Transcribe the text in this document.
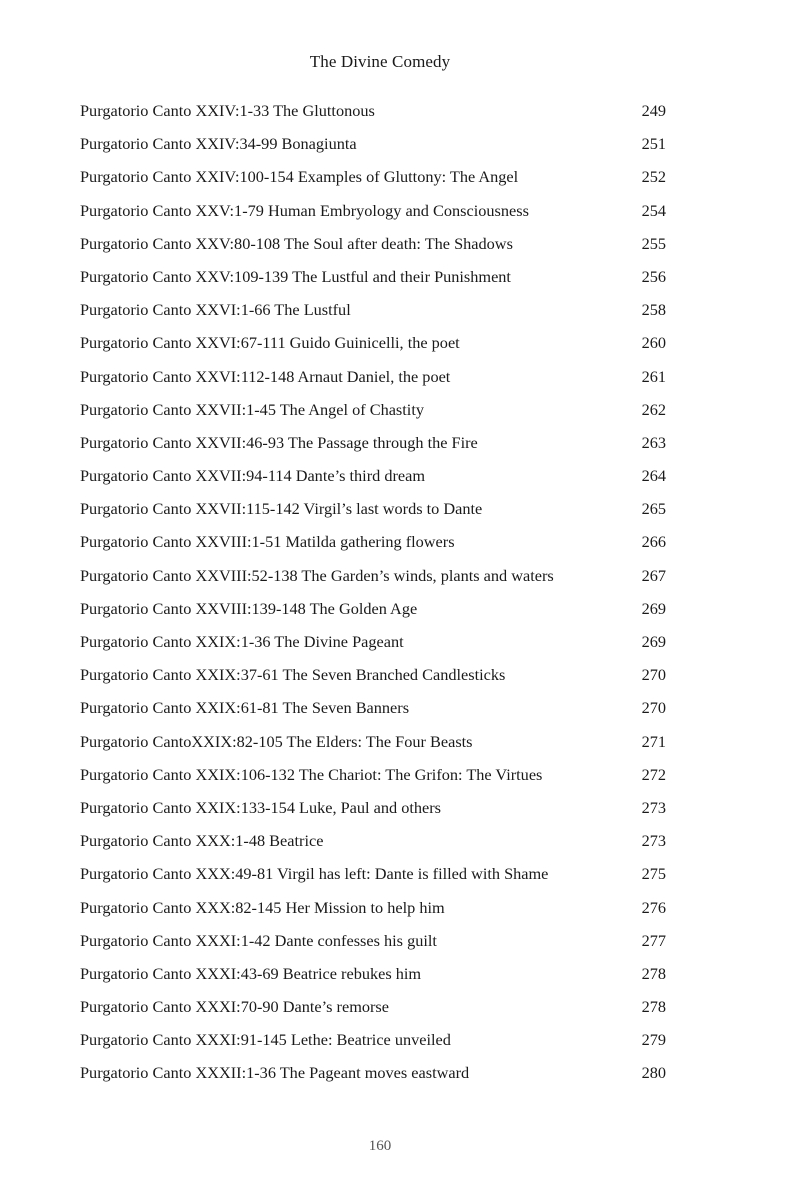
The Divine Comedy
Purgatorio Canto XXIV:1-33 The Gluttonous	249
Purgatorio Canto XXIV:34-99 Bonagiunta	251
Purgatorio Canto XXIV:100-154 Examples of Gluttony: The Angel	252
Purgatorio Canto XXV:1-79 Human Embryology and Consciousness	254
Purgatorio Canto XXV:80-108 The Soul after death: The Shadows	255
Purgatorio Canto XXV:109-139 The Lustful and their Punishment	256
Purgatorio Canto XXVI:1-66 The Lustful	258
Purgatorio Canto XXVI:67-111 Guido Guinicelli, the poet	260
Purgatorio Canto XXVI:112-148 Arnaut Daniel, the poet	261
Purgatorio Canto XXVII:1-45 The Angel of Chastity	262
Purgatorio Canto XXVII:46-93 The Passage through the Fire	263
Purgatorio Canto XXVII:94-114 Dante’s third dream	264
Purgatorio Canto XXVII:115-142 Virgil’s last words to Dante	265
Purgatorio Canto XXVIII:1-51 Matilda gathering flowers	266
Purgatorio Canto XXVIII:52-138 The Garden’s winds, plants and waters	267
Purgatorio Canto XXVIII:139-148 The Golden Age	269
Purgatorio Canto XXIX:1-36 The Divine Pageant	269
Purgatorio Canto XXIX:37-61 The Seven Branched Candlesticks	270
Purgatorio Canto XXIX:61-81 The Seven Banners	270
Purgatorio CantoXXIX:82-105 The Elders: The Four Beasts	271
Purgatorio Canto XXIX:106-132 The Chariot: The Grifon: The Virtues	272
Purgatorio Canto XXIX:133-154 Luke, Paul and others	273
Purgatorio Canto XXX:1-48 Beatrice	273
Purgatorio Canto XXX:49-81 Virgil has left: Dante is filled with Shame	275
Purgatorio Canto XXX:82-145 Her Mission to help him	276
Purgatorio Canto XXXI:1-42 Dante confesses his guilt	277
Purgatorio Canto XXXI:43-69 Beatrice rebukes him	278
Purgatorio Canto XXXI:70-90 Dante’s remorse	278
Purgatorio Canto XXXI:91-145 Lethe: Beatrice unveiled	279
Purgatorio Canto XXXII:1-36 The Pageant moves eastward	280
160
